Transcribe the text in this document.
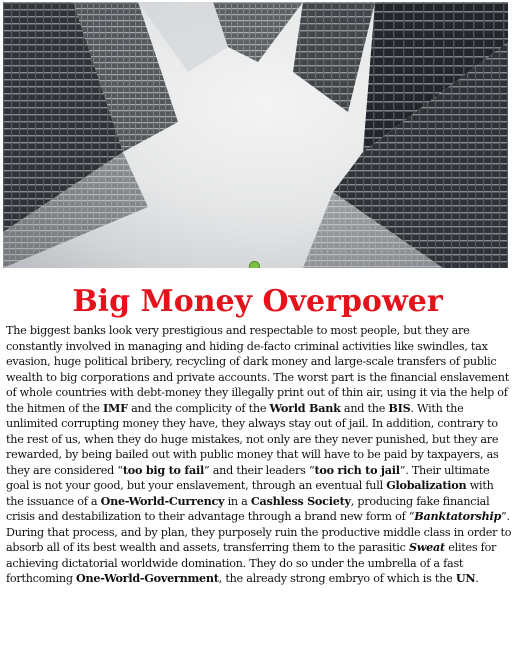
Big Money Overpower

The biggest banks look very prestigious and respectable to most people, but they are constantly involved in managing and hiding de-facto criminal activities like swindles, tax evasion, huge political bribery, recycling of dark money and large-scale transfers of public wealth to big corporations and private accounts. The worst part is the financial enslavement of whole countries with debt-money they illegally print out of thin air, using it via the help of the hitmen of the IMF and the complicity of the World Bank and the BIS. With the unlimited corrupting money they have, they always stay out of jail. In addition, contrary to the rest of us, when they do huge mistakes, not only are they never punished, but they are rewarded, by being bailed out with public money that will have to be paid by taxpayers, as they are considered “too big to fail” and their leaders “too rich to jail”. Their ultimate goal is not your good, but your enslavement, through an eventual full Globalization with the issuance of a One-World-Currency in a Cashless Society, producing fake financial crisis and destabilization to their advantage through a brand new form of “Banktatorship”. During that process, and by plan, they purposely ruin the productive middle class in order to absorb all of its best wealth and assets, transferring them to the parasitic Sweat elites for achieving dictatorial worldwide domination. They do so under the umbrella of a fast forthcoming One-World-Government, the already strong embryo of which is the UN.
